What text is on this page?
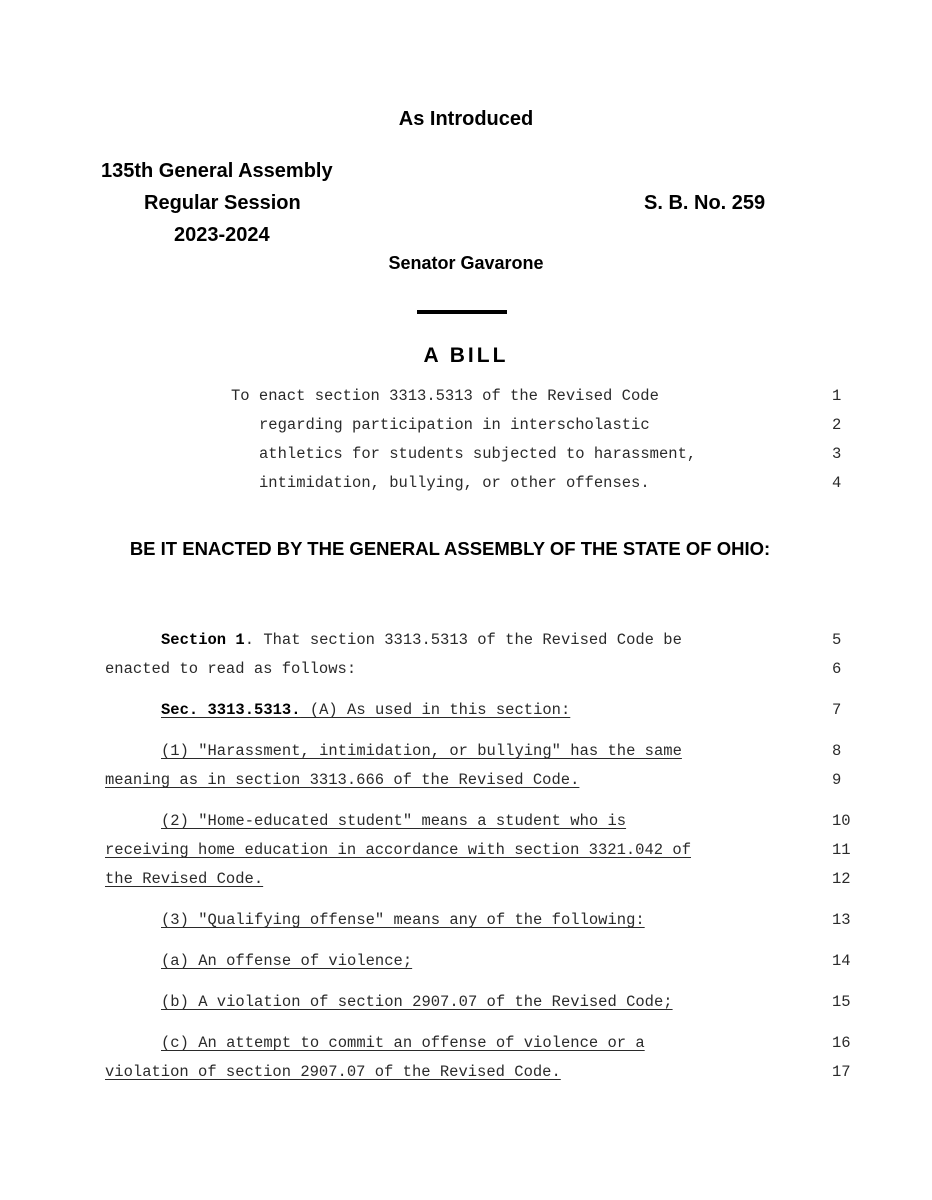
As Introduced
135th General Assembly
Regular Session
2023-2024
S. B. No. 259
Senator Gavarone
A BILL
To enact section 3313.5313 of the Revised Code	1
regarding participation in interscholastic	2
athletics for students subjected to harassment,	3
intimidation, bullying, or other offenses.	4
BE IT ENACTED BY THE GENERAL ASSEMBLY OF THE STATE OF OHIO:
Section 1. That section 3313.5313 of the Revised Code be	5
enacted to read as follows:	6
Sec. 3313.5313. (A) As used in this section:	7
(1) "Harassment, intimidation, or bullying" has the same	8
meaning as in section 3313.666 of the Revised Code.	9
(2) "Home-educated student" means a student who is	10
receiving home education in accordance with section 3321.042 of	11
the Revised Code.	12
(3) "Qualifying offense" means any of the following:	13
(a) An offense of violence;	14
(b) A violation of section 2907.07 of the Revised Code;	15
(c) An attempt to commit an offense of violence or a	16
violation of section 2907.07 of the Revised Code.	17
